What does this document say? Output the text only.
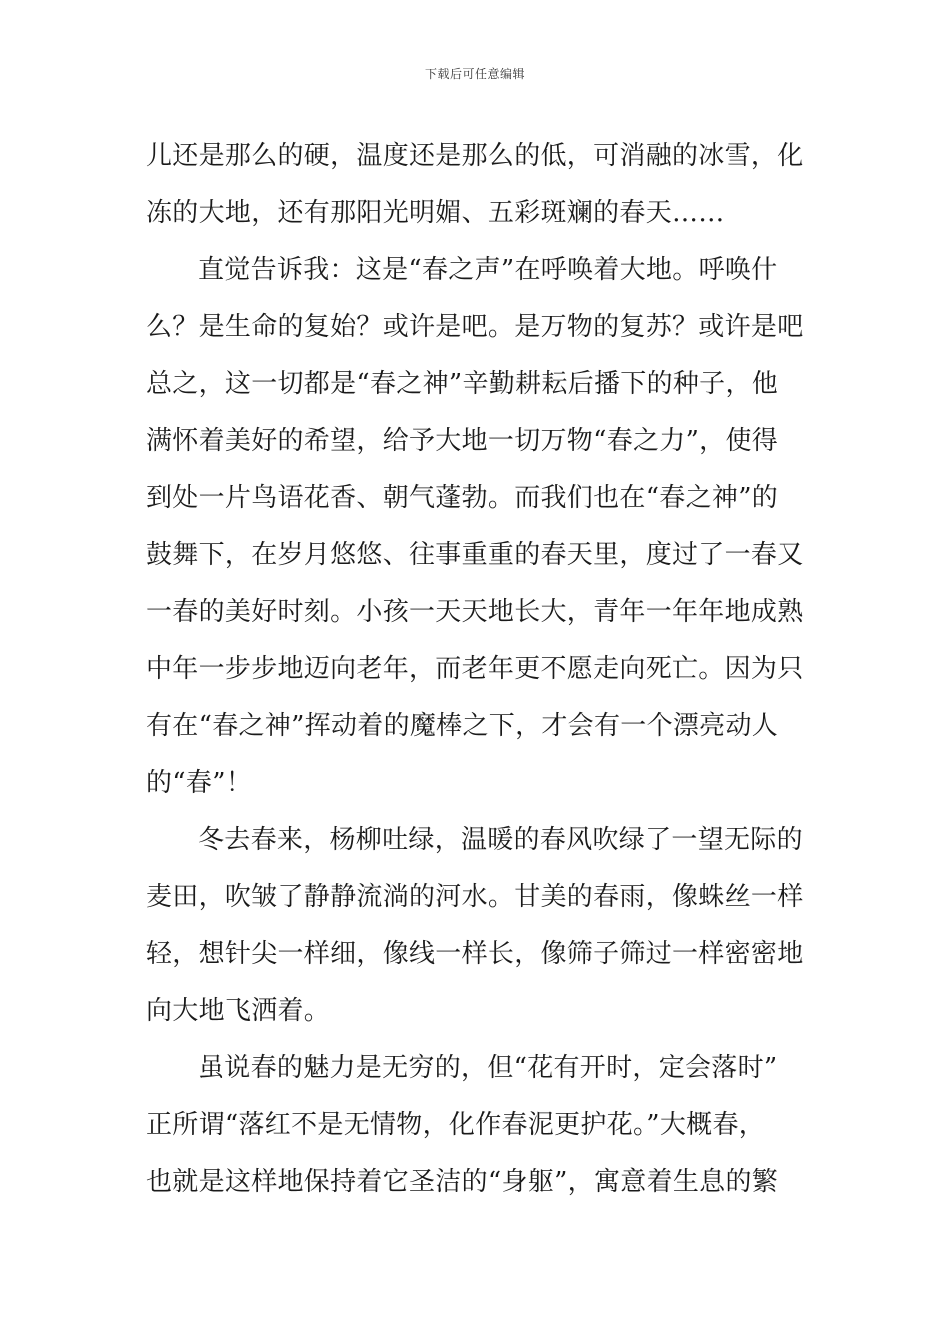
下载后可任意编辑
儿还是那么的硬，温度还是那么的低，可消融的冰雪，化
冻的大地，还有那阳光明媚、五彩斑斓的春天……
直觉告诉我：这是“春之声”在呼唤着大地。呼唤什
么？是生命的复始？或许是吧。是万物的复苏？或许是吧
总之，这一切都是“春之神”辛勤耕耘后播下的种子，他
满怀着美好的希望，给予大地一切万物“春之力”，使得
到处一片鸟语花香、朝气蓬勃。而我们也在“春之神”的
鼓舞下，在岁月悠悠、往事重重的春天里，度过了一春又
一春的美好时刻。小孩一天天地长大，青年一年年地成熟
中年一步步地迈向老年，而老年更不愿走向死亡。因为只
有在“春之神”挥动着的魔棒之下，才会有一个漂亮动人
的“春”！
冬去春来，杨柳吐绿，温暖的春风吹绿了一望无际的
麦田，吹皱了静静流淌的河水。甘美的春雨，像蛛丝一样
轻，想针尖一样细，像线一样长，像筛子筛过一样密密地
向大地飞洒着。
虽说春的魅力是无穷的，但“花有开时，定会落时”
正所谓“落红不是无情物，化作春泥更护花。”大概春，
也就是这样地保持着它圣洁的“身躯”，寓意着生息的繁
